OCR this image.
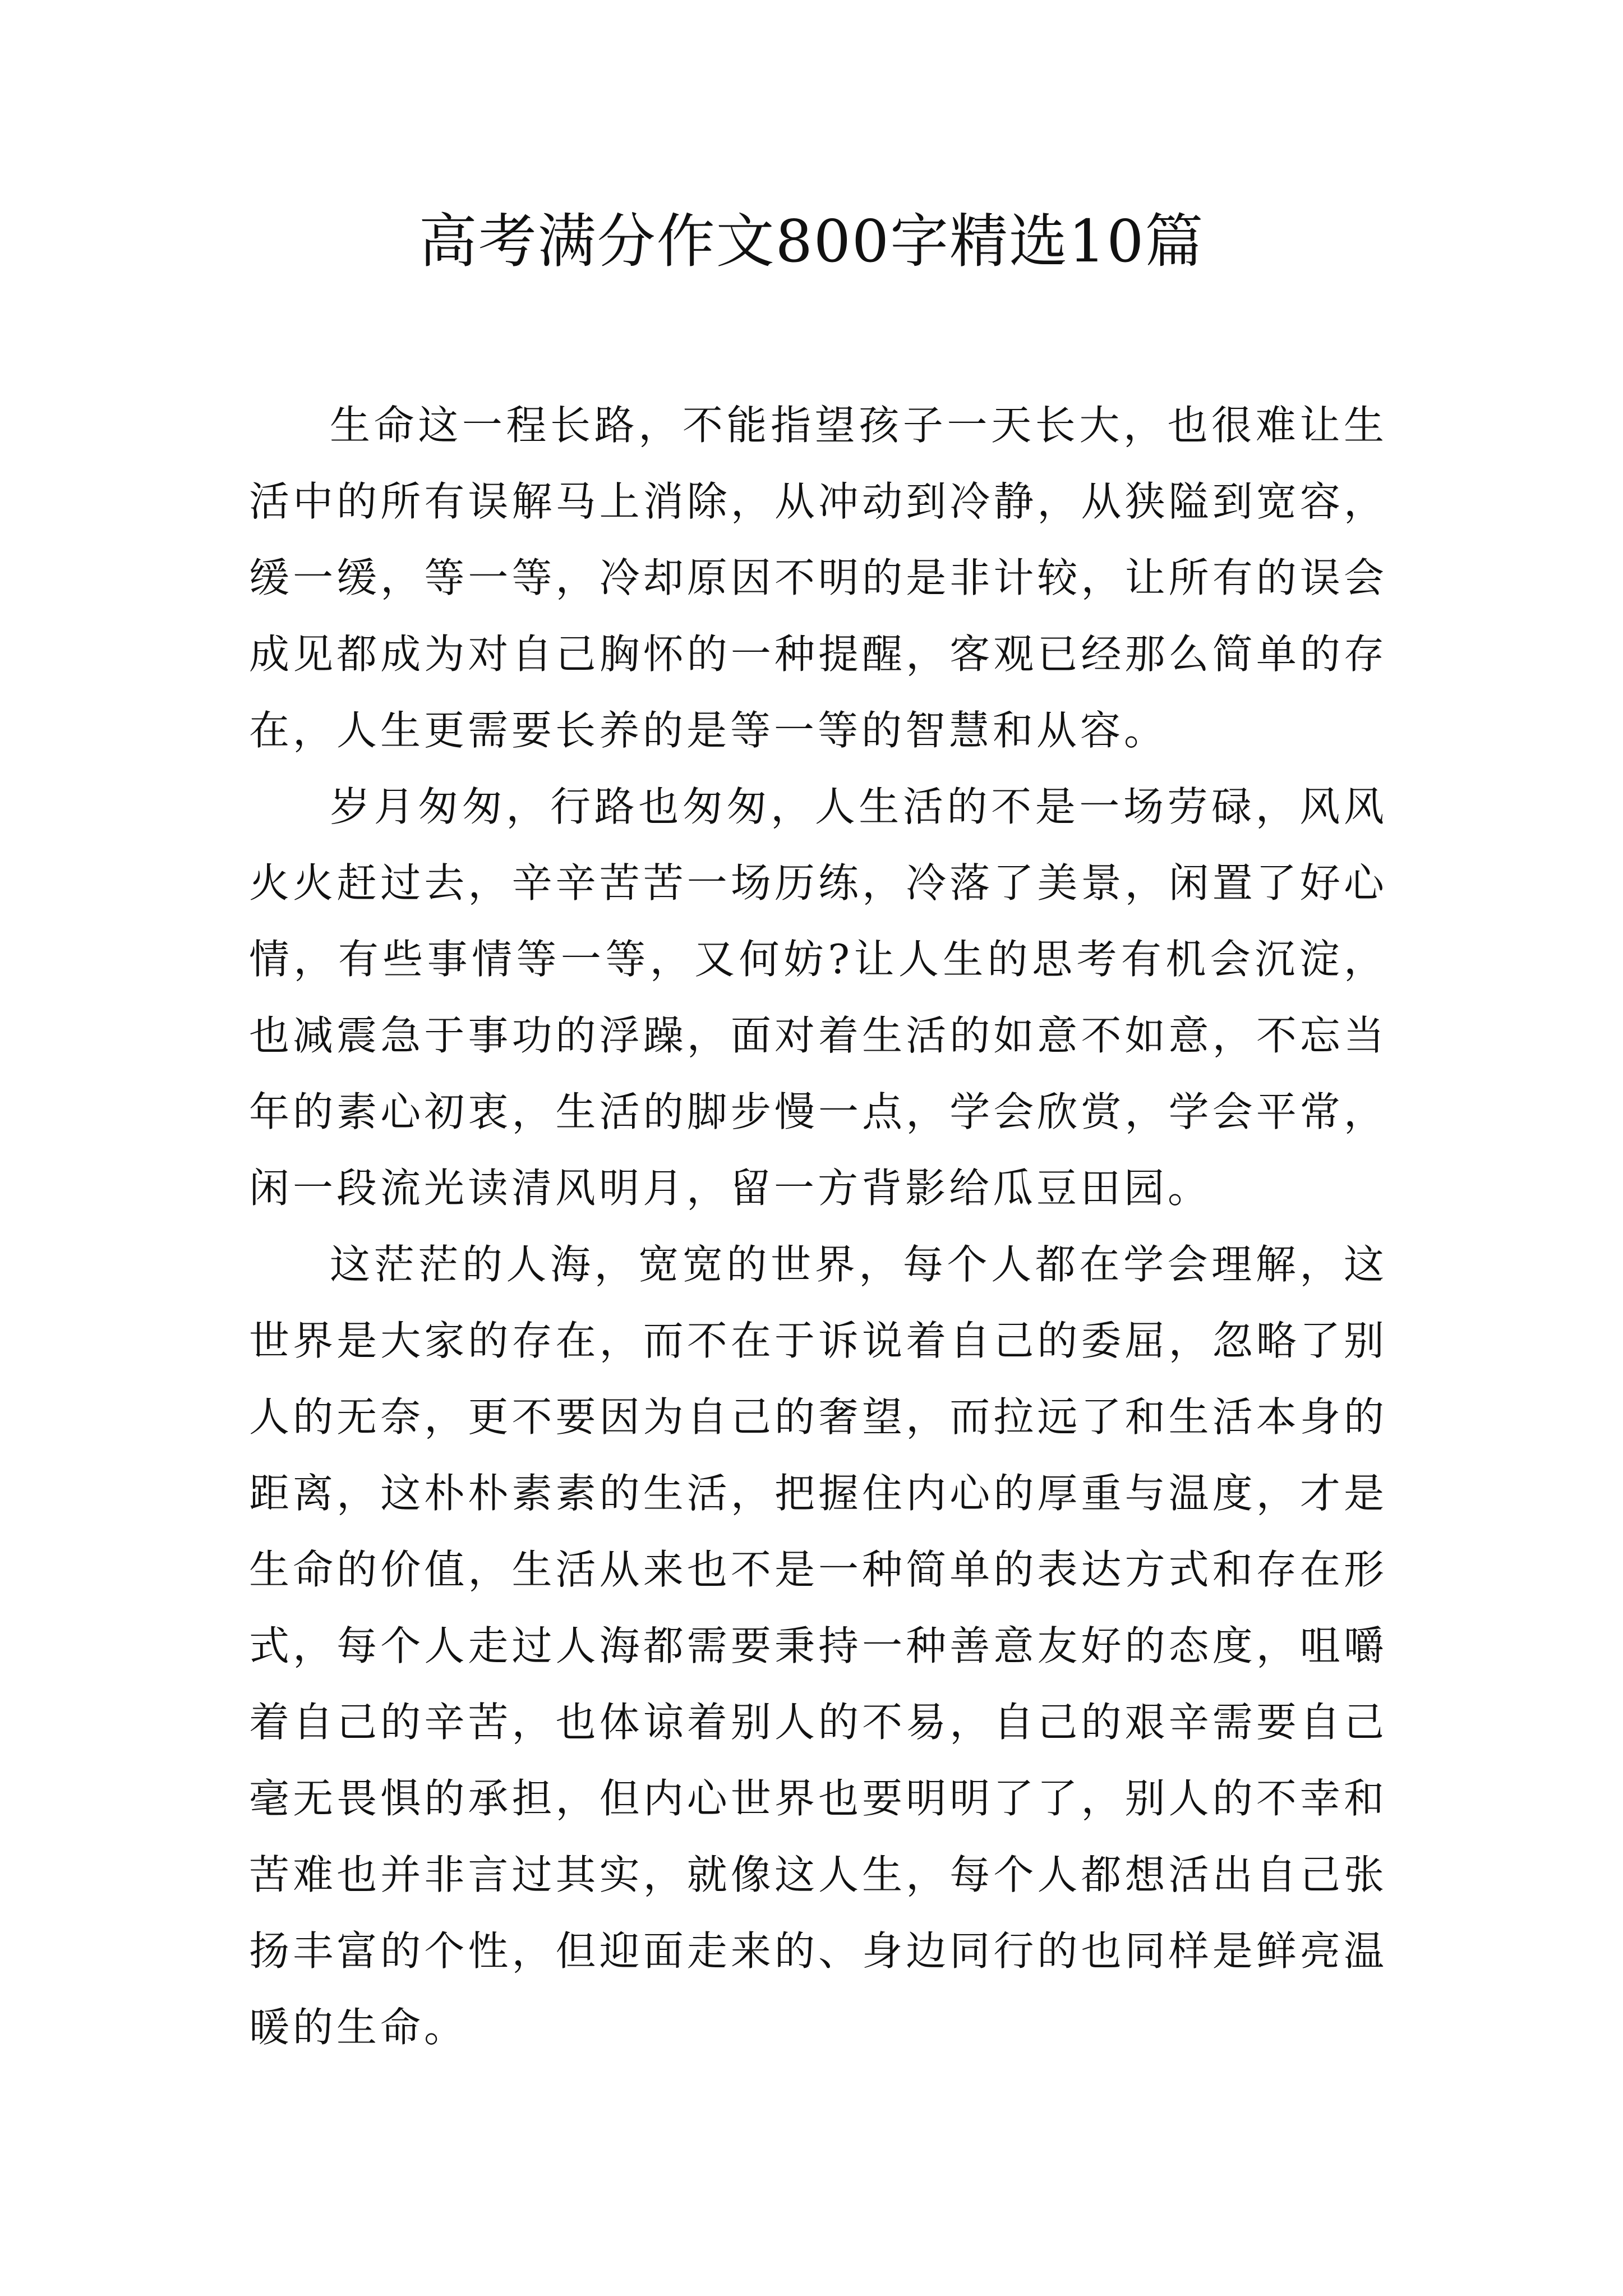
高考满分作文800字精选10篇

生命这一程长路，不能指望孩子一天长大，也很难让生活中的所有误解马上消除，从冲动到冷静，从狭隘到宽容，缓一缓，等一等，冷却原因不明的是非计较，让所有的误会成见都成为对自己胸怀的一种提醒，客观已经那么简单的存在，人生更需要长养的是等一等的智慧和从容。

岁月匆匆，行路也匆匆，人生活的不是一场劳碌，风风火火赶过去，辛辛苦苦一场历练，冷落了美景，闲置了好心情，有些事情等一等，又何妨?让人生的思考有机会沉淀，也减震急于事功的浮躁，面对着生活的如意不如意，不忘当年的素心初衷，生活的脚步慢一点，学会欣赏，学会平常，闲一段流光读清风明月，留一方背影给瓜豆田园。

这茫茫的人海，宽宽的世界，每个人都在学会理解，这世界是大家的存在，而不在于诉说着自己的委屈，忽略了别人的无奈，更不要因为自己的奢望，而拉远了和生活本身的距离，这朴朴素素的生活，把握住内心的厚重与温度，才是生命的价值，生活从来也不是一种简单的表达方式和存在形式，每个人走过人海都需要秉持一种善意友好的态度，咀嚼着自己的辛苦，也体谅着别人的不易，自己的艰辛需要自己毫无畏惧的承担，但内心世界也要明明了了，别人的不幸和苦难也并非言过其实，就像这人生，每个人都想活出自己张扬丰富的个性，但迎面走来的、身边同行的也同样是鲜亮温暖的生命。
